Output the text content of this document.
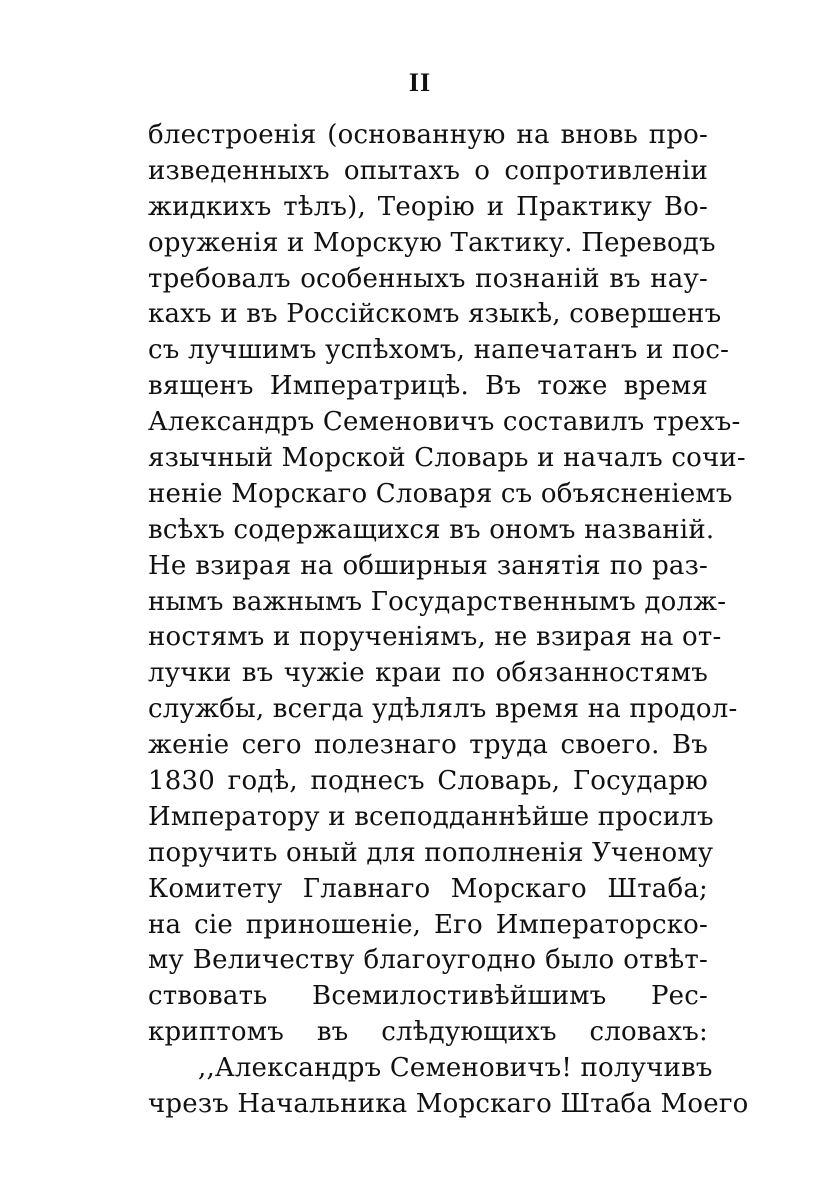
II
блестроенія (основанную на вновь про-
изведенныхъ опытахъ о сопротивленіи
жидкихъ тѣлъ), Теорію и Практику Во-
оруженія и Морскую Тактику. Переводъ
требовалъ особенныхъ познаній въ нау-
кахъ и въ Россійскомъ языкѣ, совершенъ
съ лучшимъ успѣхомъ, напечатанъ и пос-
вященъ Императрицѣ. Въ тоже время
Александръ Семеновичъ составилъ трехъ-
язычный Морской Словарь и началъ сочи-
неніе Морскаго Словаря съ объясненіемъ
всѣхъ содержащихся въ ономъ названій.
Не взирая на обширныя занятія по раз-
нымъ важнымъ Государственнымъ долж-
ностямъ и порученіямъ, не взирая на от-
лучки въ чужіе краи по обязанностямъ
службы, всегда удѣлялъ время на продол-
женіе сего полезнаго труда своего. Въ
1830 годѣ, поднесъ Словарь, Государю
Императору и всеподданнѣйше просилъ
поручить оный для пополненія Ученому
Комитету Главнаго Морскаго Штаба;
на сіе приношеніе, Его Императорско-
му Величеству благоугодно было отвѣт-
ствовать Всемилостивѣйшимъ Рес-
криптомъ въ слѣдующихъ словахъ:
,,Александръ Семеновичъ! получивъ
чрезъ Начальника Морскаго Штаба Моего
